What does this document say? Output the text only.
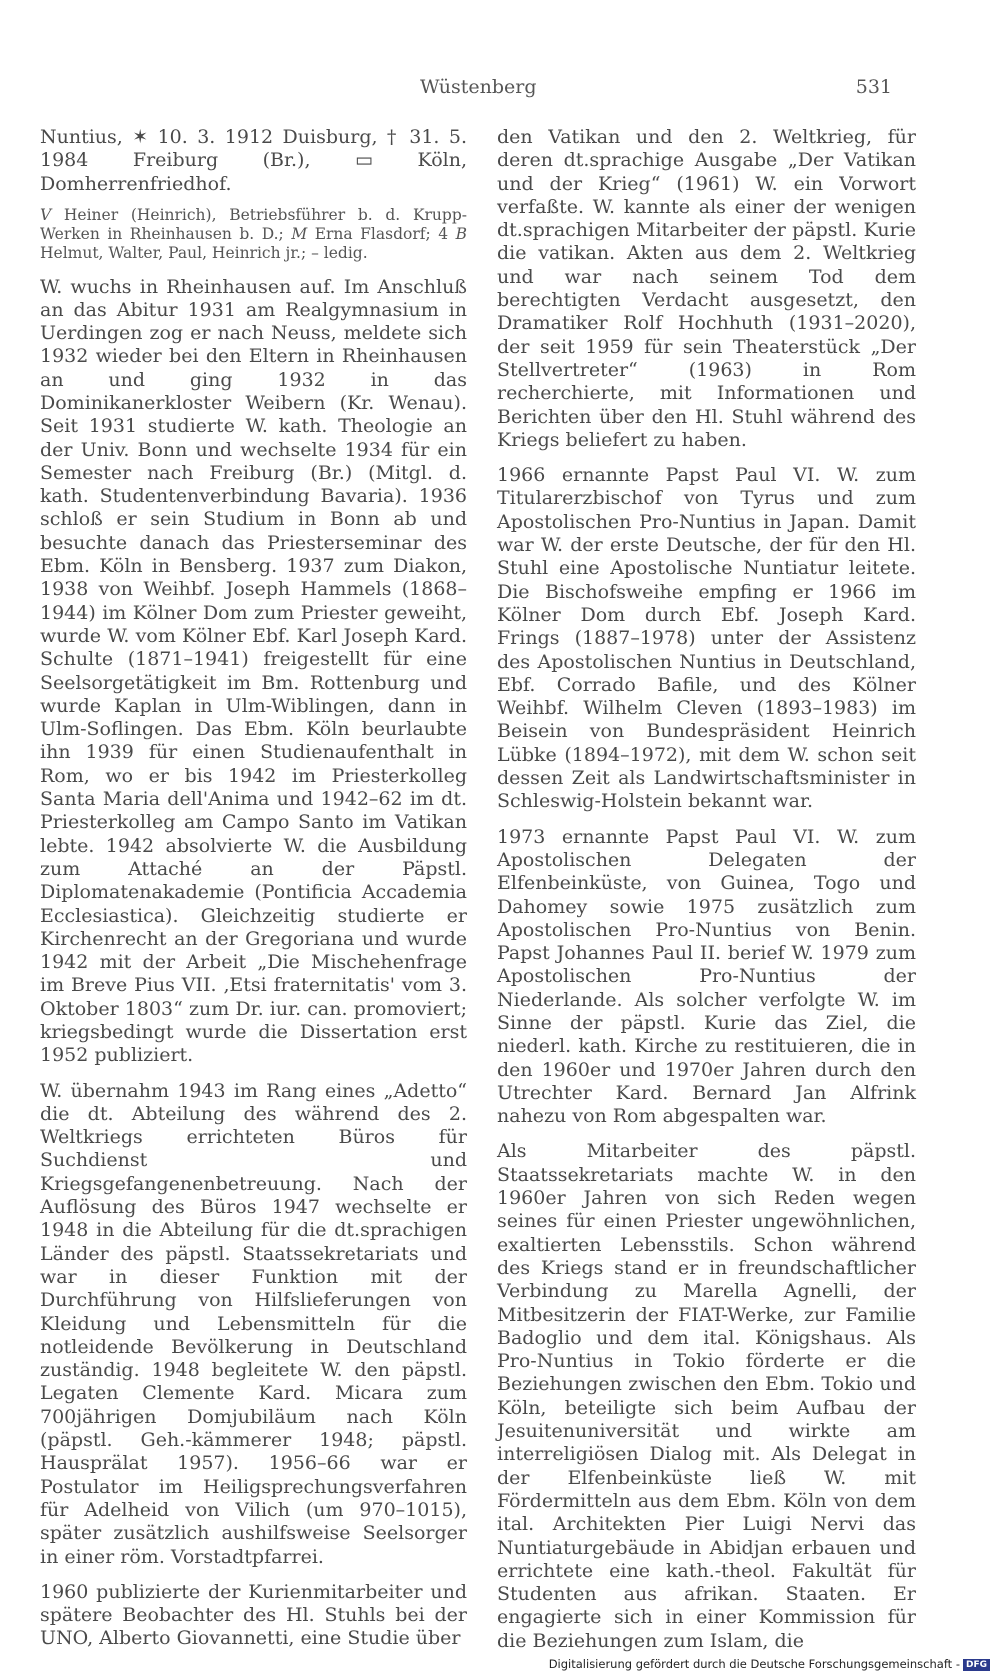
Wüstenberg	531

Nuntius, ✶ 10. 3. 1912 Duisburg, † 31. 5. 1984 Freiburg (Br.), ▭ Köln, Domherrenfriedhof.

V Heiner (Heinrich), Betriebsführer b. d. Krupp-Werken in Rheinhausen b. D.; M Erna Flasdorf; 4 B Helmut, Walter, Paul, Heinrich jr.; – ledig.

W. wuchs in Rheinhausen auf. Im Anschluß an das Abitur 1931 am Realgymnasium in Uerdingen zog er nach Neuss, meldete sich 1932 wieder bei den Eltern in Rheinhausen an und ging 1932 in das Dominikanerkloster Weibern (Kr. Wenau). Seit 1931 studierte W. kath. Theologie an der Univ. Bonn und wechselte 1934 für ein Semester nach Freiburg (Br.) (Mitgl. d. kath. Studentenverbindung Bavaria). 1936 schloß er sein Studium in Bonn ab und besuchte danach das Priesterseminar des Ebm. Köln in Bensberg. 1937 zum Diakon, 1938 von Weihbf. Joseph Hammels (1868–1944) im Kölner Dom zum Priester geweiht, wurde W. vom Kölner Ebf. Karl Joseph Kard. Schulte (1871–1941) freigestellt für eine Seelsorgetätigkeit im Bm. Rottenburg und wurde Kaplan in Ulm-Wiblingen, dann in Ulm-Soflingen. Das Ebm. Köln beurlaubte ihn 1939 für einen Studienaufenthalt in Rom, wo er bis 1942 im Priesterkolleg Santa Maria dell'Anima und 1942–62 im dt. Priesterkolleg am Campo Santo im Vatikan lebte. 1942 absolvierte W. die Ausbildung zum Attaché an der Päpstl. Diplomatenakademie (Pontificia Accademia Ecclesiastica). Gleichzeitig studierte er Kirchenrecht an der Gregoriana und wurde 1942 mit der Arbeit „Die Mischehenfrage im Breve Pius VII. ‚Etsi fraternitatis' vom 3. Oktober 1803“ zum Dr. iur. can. promoviert; kriegsbedingt wurde die Dissertation erst 1952 publiziert.

W. übernahm 1943 im Rang eines „Adetto“ die dt. Abteilung des während des 2. Weltkriegs errichteten Büros für Suchdienst und Kriegsgefangenenbetreuung. Nach der Auflösung des Büros 1947 wechselte er 1948 in die Abteilung für die dt.sprachigen Länder des päpstl. Staatssekretariats und war in dieser Funktion mit der Durchführung von Hilfslieferungen von Kleidung und Lebensmitteln für die notleidende Bevölkerung in Deutschland zuständig. 1948 begleitete W. den päpstl. Legaten Clemente Kard. Micara zum 700jährigen Domjubiläum nach Köln (päpstl. Geh.-kämmerer 1948; päpstl. Hausprälat 1957). 1956–66 war er Postulator im Heiligsprechungsverfahren für Adelheid von Vilich (um 970–1015), später zusätzlich aushilfsweise Seelsorger in einer röm. Vorstadtpfarrei.

1960 publizierte der Kurienmitarbeiter und spätere Beobachter des Hl. Stuhls bei der UNO, Alberto Giovannetti, eine Studie über

den Vatikan und den 2. Weltkrieg, für deren dt.sprachige Ausgabe „Der Vatikan und der Krieg“ (1961) W. ein Vorwort verfaßte. W. kannte als einer der wenigen dt.sprachigen Mitarbeiter der päpstl. Kurie die vatikan. Akten aus dem 2. Weltkrieg und war nach seinem Tod dem berechtigten Verdacht ausgesetzt, den Dramatiker Rolf Hochhuth (1931–2020), der seit 1959 für sein Theaterstück „Der Stellvertreter“ (1963) in Rom recherchierte, mit Informationen und Berichten über den Hl. Stuhl während des Kriegs beliefert zu haben.

1966 ernannte Papst Paul VI. W. zum Titularerzbischof von Tyrus und zum Apostolischen Pro-Nuntius in Japan. Damit war W. der erste Deutsche, der für den Hl. Stuhl eine Apostolische Nuntiatur leitete. Die Bischofsweihe empfing er 1966 im Kölner Dom durch Ebf. Joseph Kard. Frings (1887–1978) unter der Assistenz des Apostolischen Nuntius in Deutschland, Ebf. Corrado Bafile, und des Kölner Weihbf. Wilhelm Cleven (1893–1983) im Beisein von Bundespräsident Heinrich Lübke (1894–1972), mit dem W. schon seit dessen Zeit als Landwirtschaftsminister in Schleswig-Holstein bekannt war.

1973 ernannte Papst Paul VI. W. zum Apostolischen Delegaten der Elfenbeinküste, von Guinea, Togo und Dahomey sowie 1975 zusätzlich zum Apostolischen Pro-Nuntius von Benin. Papst Johannes Paul II. berief W. 1979 zum Apostolischen Pro-Nuntius der Niederlande. Als solcher verfolgte W. im Sinne der päpstl. Kurie das Ziel, die niederl. kath. Kirche zu restituieren, die in den 1960er und 1970er Jahren durch den Utrechter Kard. Bernard Jan Alfrink nahezu von Rom abgespalten war.

Als Mitarbeiter des päpstl. Staatssekretariats machte W. in den 1960er Jahren von sich Reden wegen seines für einen Priester ungewöhnlichen, exaltierten Lebensstils. Schon während des Kriegs stand er in freundschaftlicher Verbindung zu Marella Agnelli, der Mitbesitzerin der FIAT-Werke, zur Familie Badoglio und dem ital. Königshaus. Als Pro-Nuntius in Tokio förderte er die Beziehungen zwischen den Ebm. Tokio und Köln, beteiligte sich beim Aufbau der Jesuitenuniversität und wirkte am interreligiösen Dialog mit. Als Delegat in der Elfenbeinküste ließ W. mit Fördermitteln aus dem Ebm. Köln von dem ital. Architekten Pier Luigi Nervi das Nuntiaturgebäude in Abidjan erbauen und errichtete eine kath.-theol. Fakultät für Studenten aus afrikan. Staaten. Er engagierte sich in einer Kommission für die Beziehungen zum Islam, die

Digitalisierung gefördert durch die Deutsche Forschungsgemeinschaft - DFG
